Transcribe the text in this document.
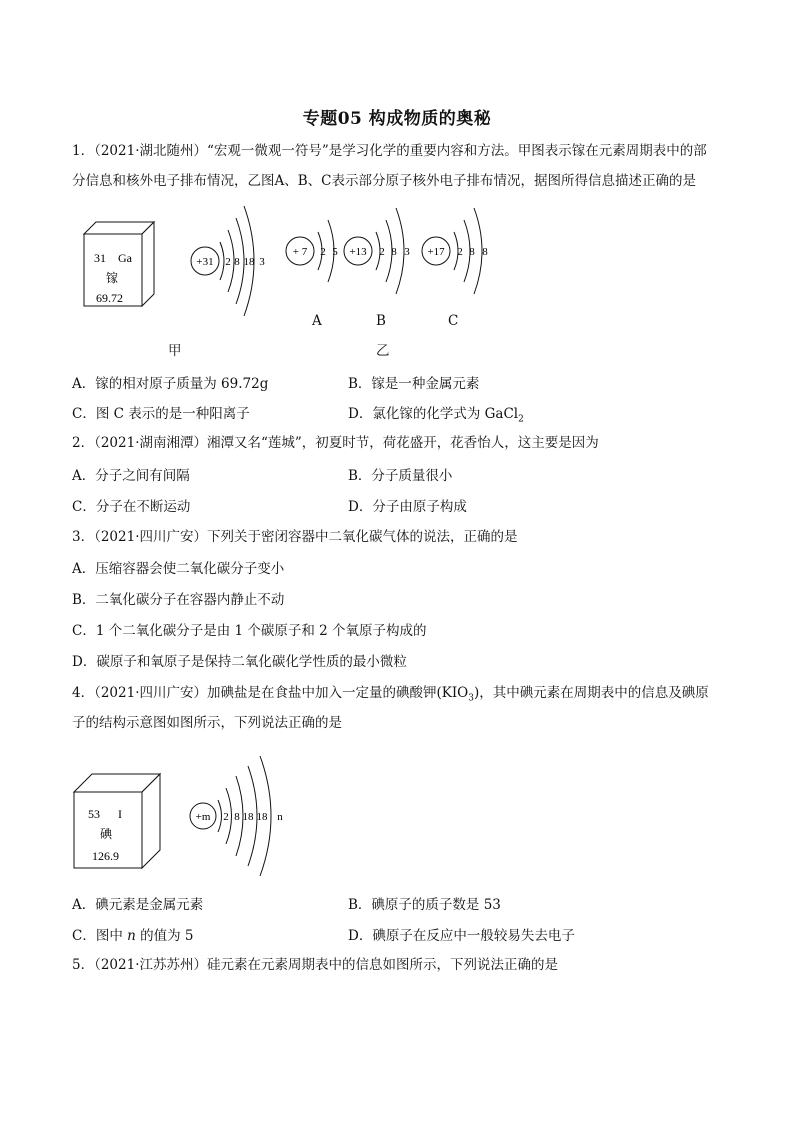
专题05 构成物质的奥秘
1．（2021·湖北随州）“宏观一微观一符号”是学习化学的重要内容和方法。甲图表示镓在元素周期表中的部
分信息和核外电子排布情况，乙图A、B、C表示部分原子核外电子排布情况，据图所得信息描述正确的是
31 Ga
镓
69.72
+31 2 8 18 3
+ 7 2 5 +13 2 8 3 +17 2 8 8
A	B	C
甲	乙
A．镓的相对原子质量为 69.72g	B．镓是一种金属元素
C．图 C 表示的是一种阳离子	D．氯化镓的化学式为 GaCl$_2$
2．（2021·湖南湘潭）湘潭又名“莲城”，初夏时节，荷花盛开，花香怡人，这主要是因为
A．分子之间有间隔	B．分子质量很小
C．分子在不断运动	D．分子由原子构成
3．（2021·四川广安）下列关于密闭容器中二氧化碳气体的说法，正确的是
A．压缩容器会使二氧化碳分子变小
B．二氧化碳分子在容器内静止不动
C．1 个二氧化碳分子是由 1 个碳原子和 2 个氧原子构成的
D．碳原子和氧原子是保持二氧化碳化学性质的最小微粒
4．（2021·四川广安）加碘盐是在食盐中加入一定量的碘酸钾$(KIO_3)$，其中碘元素在周期表中的信息及碘原
子的结构示意图如图所示，下列说法正确的是
53 I
碘
126.9
+m 2 8 18 18 n
A．碘元素是金属元素	B．碘原子的质子数是 53
C．图中 n 的值为 5	D．碘原子在反应中一般较易失去电子
5．（2021·江苏苏州）硅元素在元素周期表中的信息如图所示，下列说法正确的是
